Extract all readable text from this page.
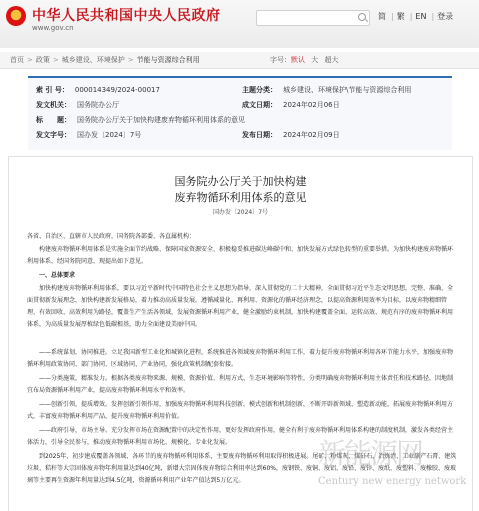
中华人民共和国中央人民政府
www.gov.cn
简 | 繁 | EN | 登录
首页 > 政策 > 城乡建设、环境保护 > 节能与资源综合利用	字号：默认 大 超大
索 引 号： 000014349/2024-00017	主题分类： 城乡建设、环境保护\节能与资源综合利用
发文机关： 国务院办公厅	成文日期： 2024年02月06日
标　　题： 国务院办公厅关于加快构建废弃物循环利用体系的意见
发文字号： 国办发〔2024〕7号	发布日期： 2024年02月09日
国务院办公厅关于加快构建
废弃物循环利用体系的意见
国办发〔2024〕7号
各省、自治区、直辖市人民政府，国务院各部委、各直属机构：
构建废弃物循环利用体系是实施全面节约战略、保障国家资源安全、积极稳妥推进碳达峰碳中和、加快发展方式绿色转型的重要举措。为加快构建废弃物循环利用体系，经国务院同意，现提出如下意见。
一、总体要求
加快构建废弃物循环利用体系，要以习近平新时代中国特色社会主义思想为指导，深入贯彻党的二十大精神，全面贯彻习近平生态文明思想，完整、准确、全面贯彻新发展理念，加快构建新发展格局，着力推动高质量发展，遵循减量化、再利用、资源化的循环经济理念，以提高资源利用效率为目标，以废弃物精细管理、有效回收、高效利用为路径，覆盖生产生活各领域，发展资源循环利用产业，健全激励约束机制，加快构建覆盖全面、运转高效、规范有序的废弃物循环利用体系，为高质量发展厚植绿色低碳根基，助力全面建设美丽中国。
——系统谋划，协同推进。立足我国新型工业化和城镇化进程，系统推进各领域废弃物循环利用工作，着力提升废弃物循环利用各环节能力水平，加强废弃物循环利用政策协同、部门协同、区域协同、产业协同，强化政策机制配套衔接。
——分类施策，精准发力。根据各类废弃物来源、规模、资源价值、利用方式、生态环境影响等特性，分类明确废弃物循环利用主体责任和技术路径，因地制宜布局资源循环利用产业，提高废弃物循环利用水平和效率。
——创新引领，提质增效。发挥创新引领作用，加强废弃物循环利用科技创新，模式创新和机制创新，不断开辟新领域、塑造新动能，拓展废弃物循环利用方式，丰富废弃物循环利用产品，提升废弃物循环利用价值。
——政府引导，市场主导。充分发挥市场在资源配置中的决定性作用，更好发挥政府作用，健全有利于废弃物循环利用体系构建的制度机制，激发各类经营主体活力，引导全民参与，推动废弃物循环利用市场化、规模化、专业化发展。
到2025年，初步建成覆盖各领域、各环节的废弃物循环利用体系，主要废弃物循环利用取得积极进展。尾矿、粉煤灰、煤矸石、冶炼渣、工业副产石膏、建筑垃圾、秸秆等大宗固体废弃物年利用量达到40亿吨，新增大宗固体废弃物综合利用率达到60%，废钢铁、废铜、废铝、废铅、废锌、废纸、废塑料、废橡胶、废玻璃等主要再生资源年利用量达到4.5亿吨，资源循环利用产业年产值达到5万亿元。
新能源网
Century new energy network
